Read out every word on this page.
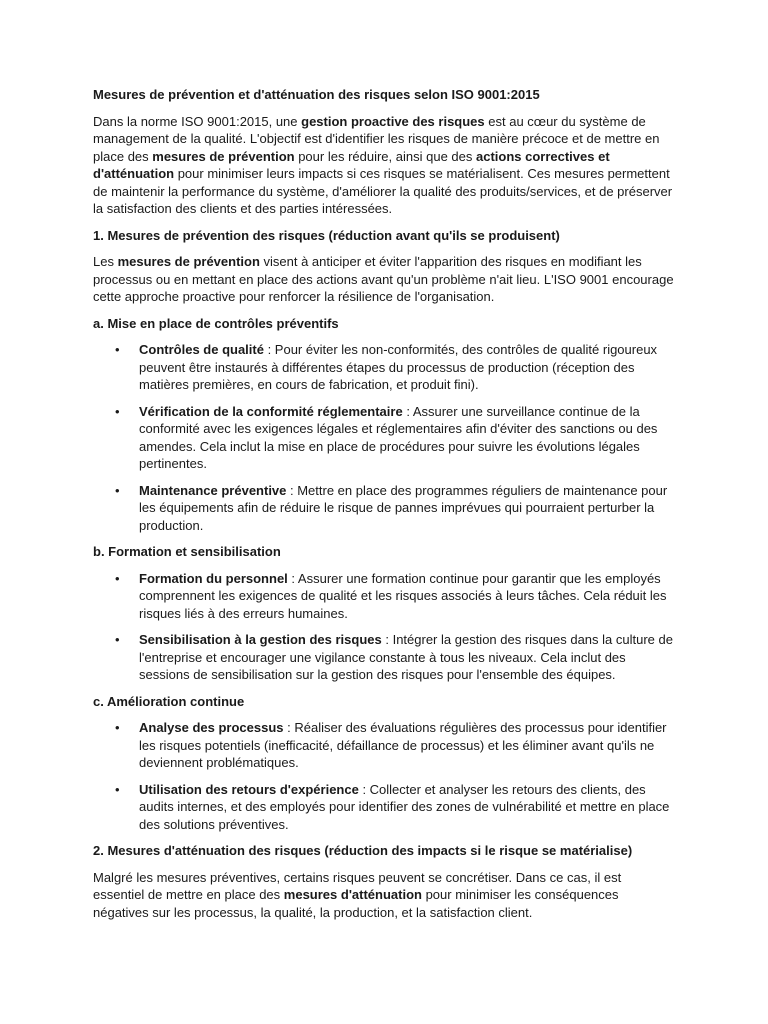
Mesures de prévention et d'atténuation des risques selon ISO 9001:2015

Dans la norme ISO 9001:2015, une gestion proactive des risques est au cœur du système de management de la qualité. L'objectif est d'identifier les risques de manière précoce et de mettre en place des mesures de prévention pour les réduire, ainsi que des actions correctives et d'atténuation pour minimiser leurs impacts si ces risques se matérialisent. Ces mesures permettent de maintenir la performance du système, d'améliorer la qualité des produits/services, et de préserver la satisfaction des clients et des parties intéressées.

1. Mesures de prévention des risques (réduction avant qu'ils se produisent)

Les mesures de prévention visent à anticiper et éviter l'apparition des risques en modifiant les processus ou en mettant en place des actions avant qu'un problème n'ait lieu. L'ISO 9001 encourage cette approche proactive pour renforcer la résilience de l'organisation.

a. Mise en place de contrôles préventifs
• Contrôles de qualité : Pour éviter les non-conformités, des contrôles de qualité rigoureux peuvent être instaurés à différentes étapes du processus de production (réception des matières premières, en cours de fabrication, et produit fini).
• Vérification de la conformité réglementaire : Assurer une surveillance continue de la conformité avec les exigences légales et réglementaires afin d'éviter des sanctions ou des amendes. Cela inclut la mise en place de procédures pour suivre les évolutions légales pertinentes.
• Maintenance préventive : Mettre en place des programmes réguliers de maintenance pour les équipements afin de réduire le risque de pannes imprévues qui pourraient perturber la production.
b. Formation et sensibilisation
• Formation du personnel : Assurer une formation continue pour garantir que les employés comprennent les exigences de qualité et les risques associés à leurs tâches. Cela réduit les risques liés à des erreurs humaines.
• Sensibilisation à la gestion des risques : Intégrer la gestion des risques dans la culture de l'entreprise et encourager une vigilance constante à tous les niveaux. Cela inclut des sessions de sensibilisation sur la gestion des risques pour l'ensemble des équipes.
c. Amélioration continue
• Analyse des processus : Réaliser des évaluations régulières des processus pour identifier les risques potentiels (inefficacité, défaillance de processus) et les éliminer avant qu'ils ne deviennent problématiques.
• Utilisation des retours d'expérience : Collecter et analyser les retours des clients, des audits internes, et des employés pour identifier des zones de vulnérabilité et mettre en place des solutions préventives.
2. Mesures d'atténuation des risques (réduction des impacts si le risque se matérialise)

Malgré les mesures préventives, certains risques peuvent se concrétiser. Dans ce cas, il est essentiel de mettre en place des mesures d'atténuation pour minimiser les conséquences négatives sur les processus, la qualité, la production, et la satisfaction client.
